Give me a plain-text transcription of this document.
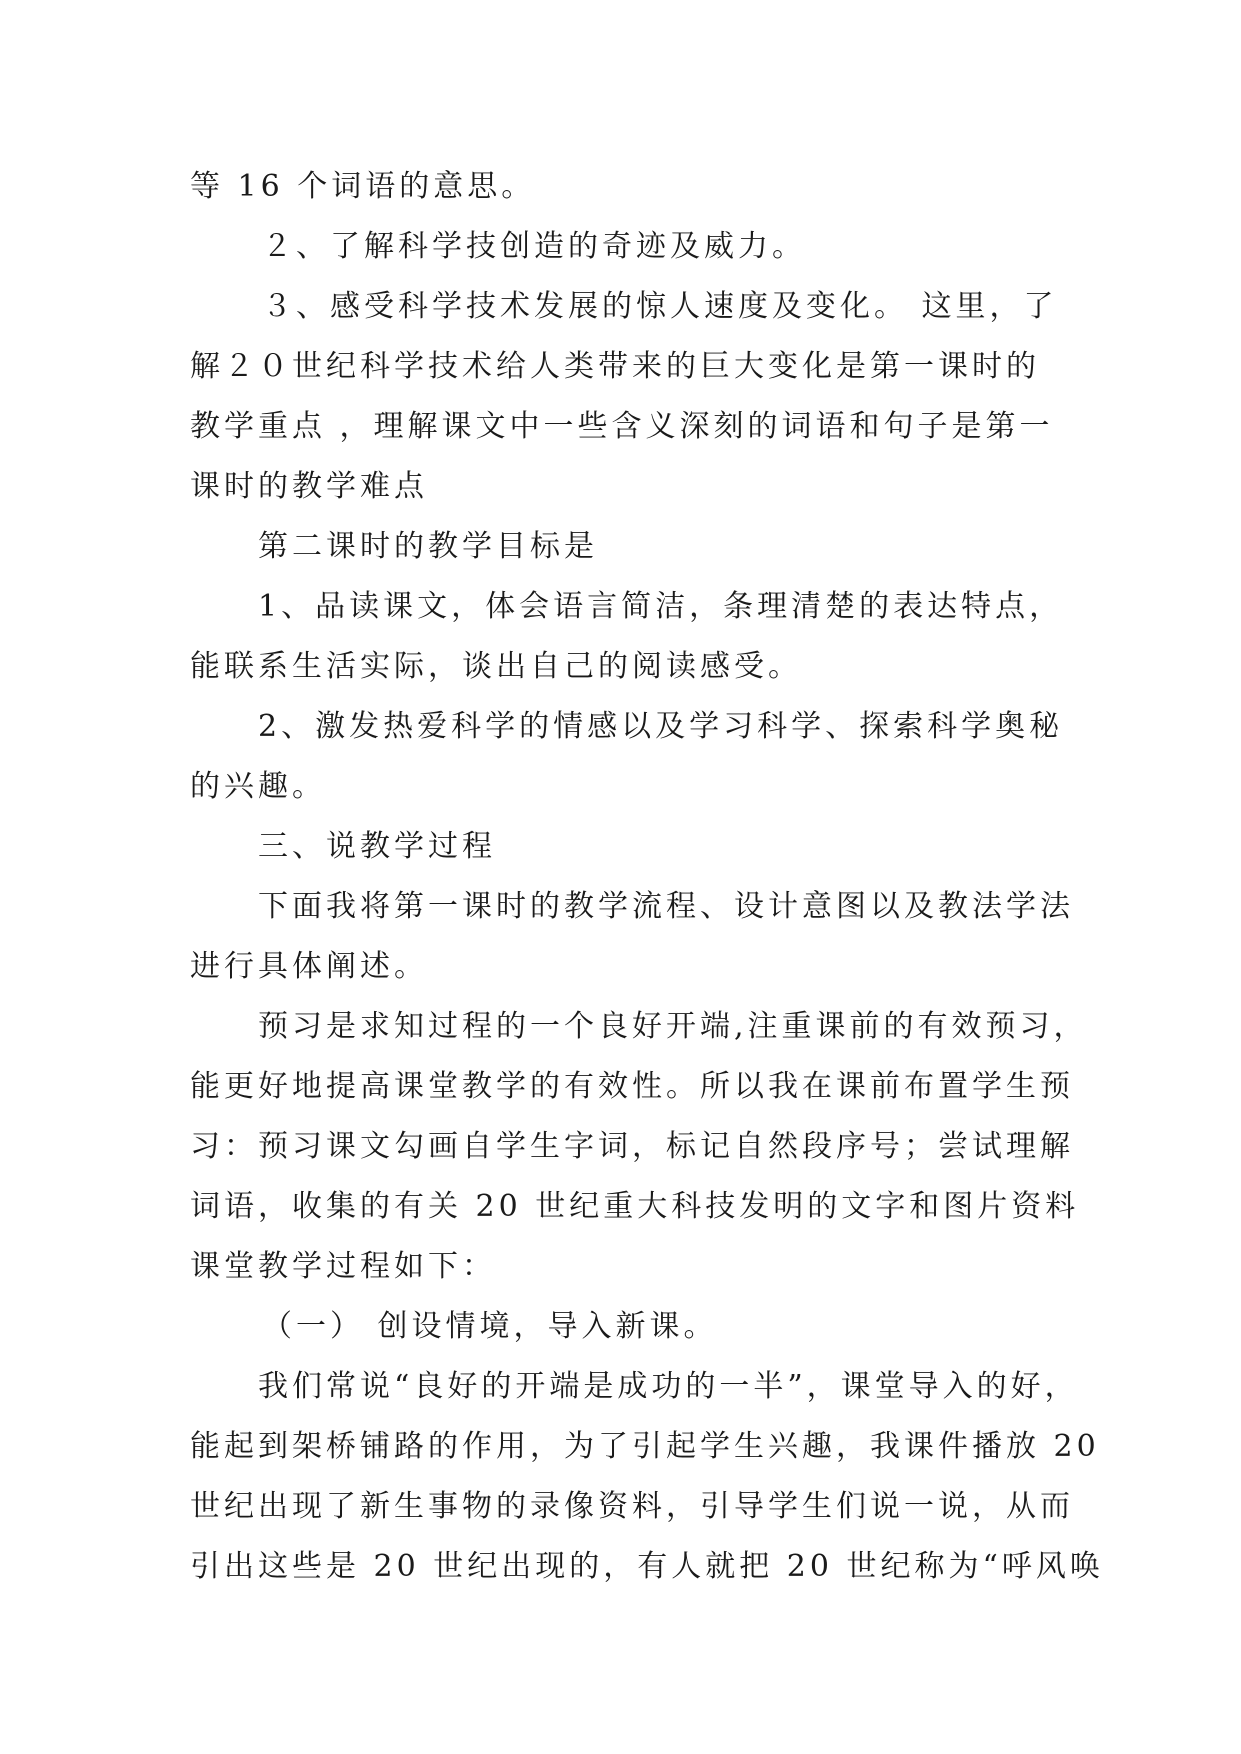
等 16 个词语的意思。
２、了解科学技创造的奇迹及威力。
３、感受科学技术发展的惊人速度及变化。 这里，了
解２０世纪科学技术给人类带来的巨大变化是第一课时的
教学重点 ，理解课文中一些含义深刻的词语和句子是第一
课时的教学难点
第二课时的教学目标是
1、品读课文，体会语言简洁，条理清楚的表达特点，
能联系生活实际，谈出自己的阅读感受。
2、激发热爱科学的情感以及学习科学、探索科学奥秘
的兴趣。
三、说教学过程
下面我将第一课时的教学流程、设计意图以及教法学法
进行具体阐述。
预习是求知过程的一个良好开端,注重课前的有效预习，
能更好地提高课堂教学的有效性。所以我在课前布置学生预
习：预习课文勾画自学生字词，标记自然段序号；尝试理解
词语，收集的有关 20 世纪重大科技发明的文字和图片资料
课堂教学过程如下：
（一） 创设情境，导入新课。
我们常说“良好的开端是成功的一半”，课堂导入的好，
能起到架桥铺路的作用，为了引起学生兴趣，我课件播放 20
世纪出现了新生事物的录像资料，引导学生们说一说，从而
引出这些是 20 世纪出现的，有人就把 20 世纪称为“呼风唤
